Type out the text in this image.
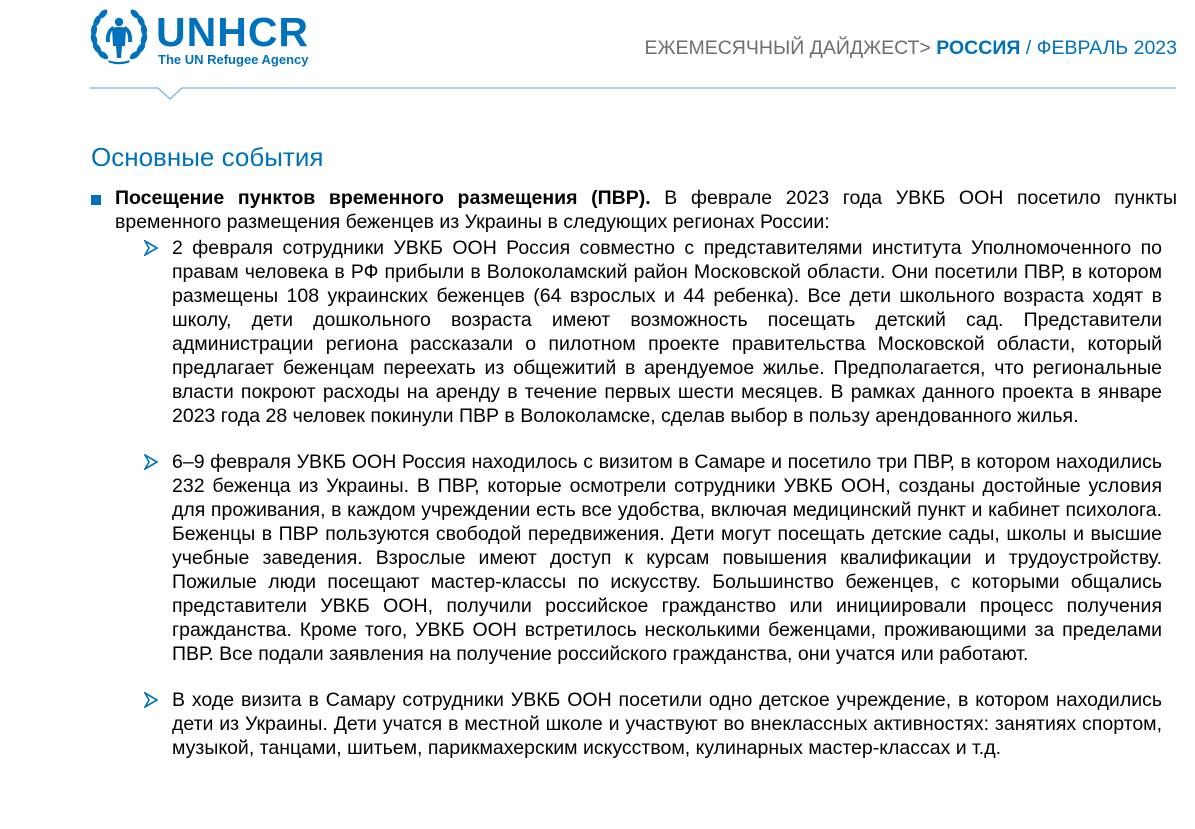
UNHCR
The UN Refugee Agency
ЕЖЕМЕСЯЧНЫЙ ДАЙДЖЕСТ> РОССИЯ / ФЕВРАЛЬ 2023
Основные события
Посещение пунктов временного размещения (ПВР). В феврале 2023 года УВКБ ООН посетило пункты временного размещения беженцев из Украины в следующих регионах России:
2 февраля сотрудники УВКБ ООН Россия совместно с представителями института Уполномоченного по правам человека в РФ прибыли в Волоколамский район Московской области. Они посетили ПВР, в котором размещены 108 украинских беженцев (64 взрослых и 44 ребенка). Все дети школьного возраста ходят в школу, дети дошкольного возраста имеют возможность посещать детский сад. Представители администрации региона рассказали о пилотном проекте правительства Московской области, который предлагает беженцам переехать из общежитий в арендуемое жилье. Предполагается, что региональные власти покроют расходы на аренду в течение первых шести месяцев. В рамках данного проекта в январе 2023 года 28 человек покинули ПВР в Волоколамске, сделав выбор в пользу арендованного жилья.
6–9 февраля УВКБ ООН Россия находилось с визитом в Самаре и посетило три ПВР, в котором находились 232 беженца из Украины. В ПВР, которые осмотрели сотрудники УВКБ ООН, созданы достойные условия для проживания, в каждом учреждении есть все удобства, включая медицинский пункт и кабинет психолога. Беженцы в ПВР пользуются свободой передвижения. Дети могут посещать детские сады, школы и высшие учебные заведения. Взрослые имеют доступ к курсам повышения квалификации и трудоустройству. Пожилые люди посещают мастер-классы по искусству. Большинство беженцев, с которыми общались представители УВКБ ООН, получили российское гражданство или инициировали процесс получения гражданства. Кроме того, УВКБ ООН встретилось несколькими беженцами, проживающими за пределами ПВР. Все подали заявления на получение российского гражданства, они учатся или работают.
В ходе визита в Самару сотрудники УВКБ ООН посетили одно детское учреждение, в котором находились дети из Украины. Дети учатся в местной школе и участвуют во внеклассных активностях: занятиях спортом, музыкой, танцами, шитьем, парикмахерским искусством, кулинарных мастер-классах и т.д.
